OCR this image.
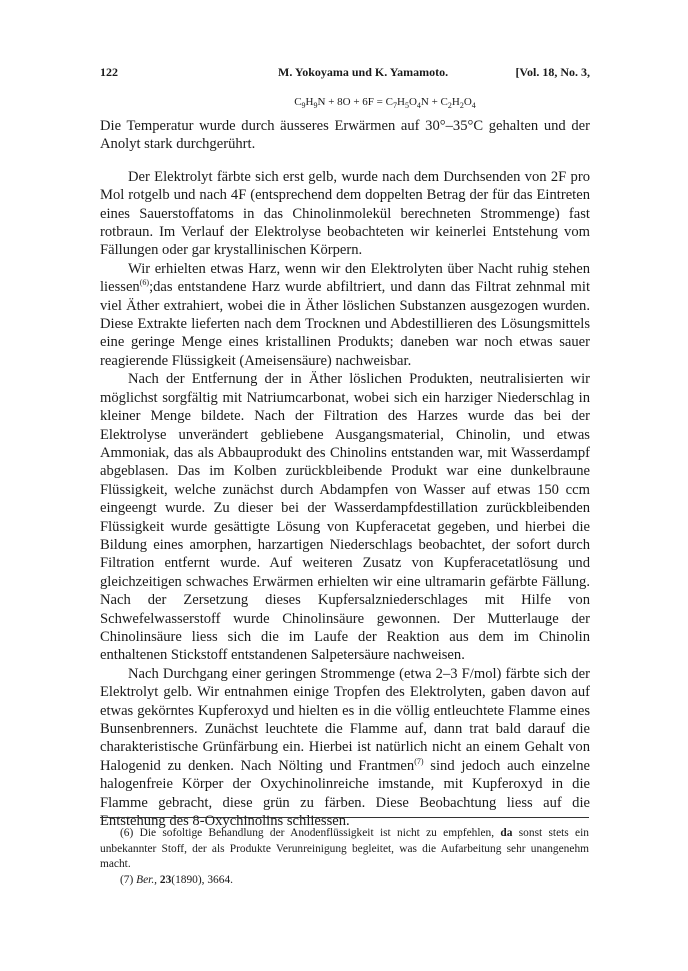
122	M. Yokoyama und K. Yamamoto.	[Vol. 18, No. 3,
$C_9H_9N + 8O + 6F = C_7H_5O_4N + C_2H_2O_4$

Die Temperatur wurde durch äusseres Erwärmen auf 30°–35°C gehalten und der Anolyt stark durchgerührt.

Der Elektrolyt färbte sich erst gelb, wurde nach dem Durchsenden von 2F pro Mol rotgelb und nach 4F (entsprechend dem doppelten Betrag der für das Eintreten eines Sauerstoffatoms in das Chinolinmolekül berechneten Strommenge) fast rotbraun. Im Verlauf der Elektrolyse beobachteten wir keinerlei Entstehung vom Fällungen oder gar krystallinischen Körpern.

Wir erhielten etwas Harz, wenn wir den Elektrolyten über Nacht ruhig stehen liessen$^{(6)}$;das entstandene Harz wurde abfiltriert, und dann das Filtrat zehnmal mit viel Äther extrahiert, wobei die in Äther löslichen Substanzen ausgezogen wurden. Diese Extrakte lieferten nach dem Trocknen und Abdestillieren des Lösungsmittels eine geringe Menge eines kristallinen Produkts; daneben war noch etwas sauer reagierende Flüssigkeit (Ameisensäure) nachweisbar.

Nach der Entfernung der in Äther löslichen Produkten, neutralisierten wir möglichst sorgfältig mit Natriumcarbonat, wobei sich ein harziger Niederschlag in kleiner Menge bildete. Nach der Filtration des Harzes wurde das bei der Elektrolyse unverändert gebliebene Ausgangsmaterial, Chinolin, und etwas Ammoniak, das als Abbauprodukt des Chinolins entstanden war, mit Wasserdampf abgeblasen. Das im Kolben zurückbleibende Produkt war eine dunkelbraune Flüssigkeit, welche zunächst durch Abdampfen von Wasser auf etwas 150 ccm eingeengt wurde. Zu dieser bei der Wasserdampfdestillation zurückbleibenden Flüssigkeit wurde gesättigte Lösung von Kupferacetat gegeben, und hierbei die Bildung eines amorphen, harzartigen Niederschlags beobachtet, der sofort durch Filtration entfernt wurde. Auf weiteren Zusatz von Kupferacetatlösung und gleichzeitigen schwaches Erwärmen erhielten wir eine ultramarin gefärbte Fällung. Nach der Zersetzung dieses Kupfersalzniederschlages mit Hilfe von Schwefelwasserstoff wurde Chinolinsäure gewonnen. Der Mutterlauge der Chinolinsäure liess sich die im Laufe der Reaktion aus dem im Chinolin enthaltenen Stickstoff entstandenen Salpetersäure nachweisen.

Nach Durchgang einer geringen Strommenge (etwa 2–3 F/mol) färbte sich der Elektrolyt gelb. Wir entnahmen einige Tropfen des Elektrolyten, gaben davon auf etwas gekörntes Kupferoxyd und hielten es in die völlig entleuchtete Flamme eines Bunsenbrenners. Zunächst leuchtete die Flamme auf, dann trat bald darauf die charakteristische Grünfärbung ein. Hierbei ist natürlich nicht an einem Gehalt von Halogenid zu denken. Nach Nölting und Frantmen$^{(7)}$ sind jedoch auch einzelne halogenfreie Körper der Oxychinolinreiche imstande, mit Kupferoxyd in die Flamme gebracht, diese grün zu färben. Diese Beobachtung liess auf die Entstehung des 8-Oxychinolins schliessen.

(6) Die sofoltige Behandlung der Anodenflüssigkeit ist nicht zu empfehlen, da sonst stets ein unbekannter Stoff, der als Produkte Verunreinigung begleitet, was die Aufarbeitung sehr unangenehm macht.

(7) Ber., 23(1890), 3664.
